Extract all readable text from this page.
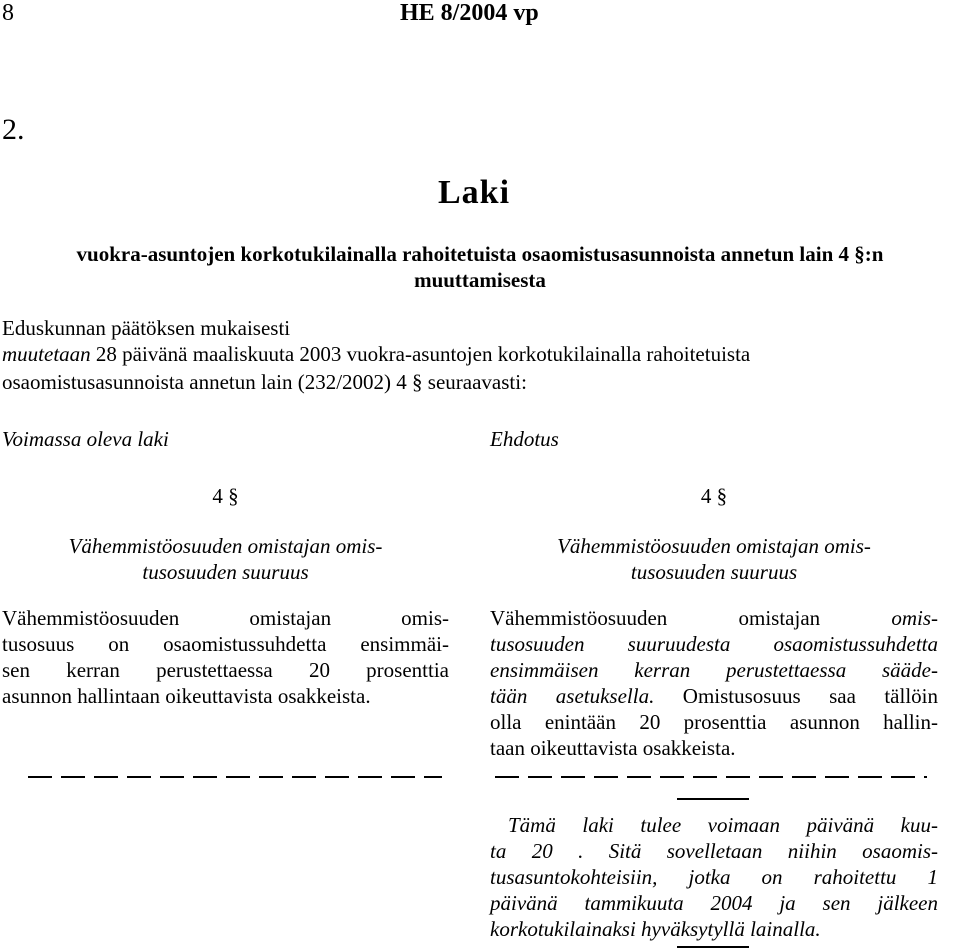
8	HE 8/2004 vp
2.
Laki
vuokra-asuntojen korkotukilainalla rahoitetuista osaomistusasunnoista annetun lain 4 §:n
muuttamisesta
Eduskunnan päätöksen mukaisesti
muutetaan 28 päivänä maaliskuuta 2003 vuokra-asuntojen korkotukilainalla rahoitetuista
osaomistusasunnoista annetun lain (232/2002) 4 § seuraavasti:
Voimassa oleva laki
4 §
Vähemmistöosuuden omistajan omis-
tusosuuden suuruus
Vähemmistöosuuden omistajan omis-
tusosuus on osaomistussuhdetta ensimmäi-
sen kerran perustettaessa 20 prosenttia
asunnon hallintaan oikeuttavista osakkeista.
Ehdotus
4 §
Vähemmistöosuuden omistajan omis-
tusosuuden suuruus
Vähemmistöosuuden omistajan omis-
tusosuuden suuruudesta osaomistussuhdetta
ensimmäisen kerran perustettaessa sääde-
tään asetuksella. Omistusosuus saa tällöin
olla enintään 20 prosenttia asunnon hallin-
taan oikeuttavista osakkeista.
Tämä laki tulee voimaan päivänä kuu-
ta 20 . Sitä sovelletaan niihin osaomis-
tusasuntokohteisiin, jotka on rahoitettu 1
päivänä tammikuuta 2004 ja sen jälkeen
korkotukilainaksi hyväksytyllä lainalla.
